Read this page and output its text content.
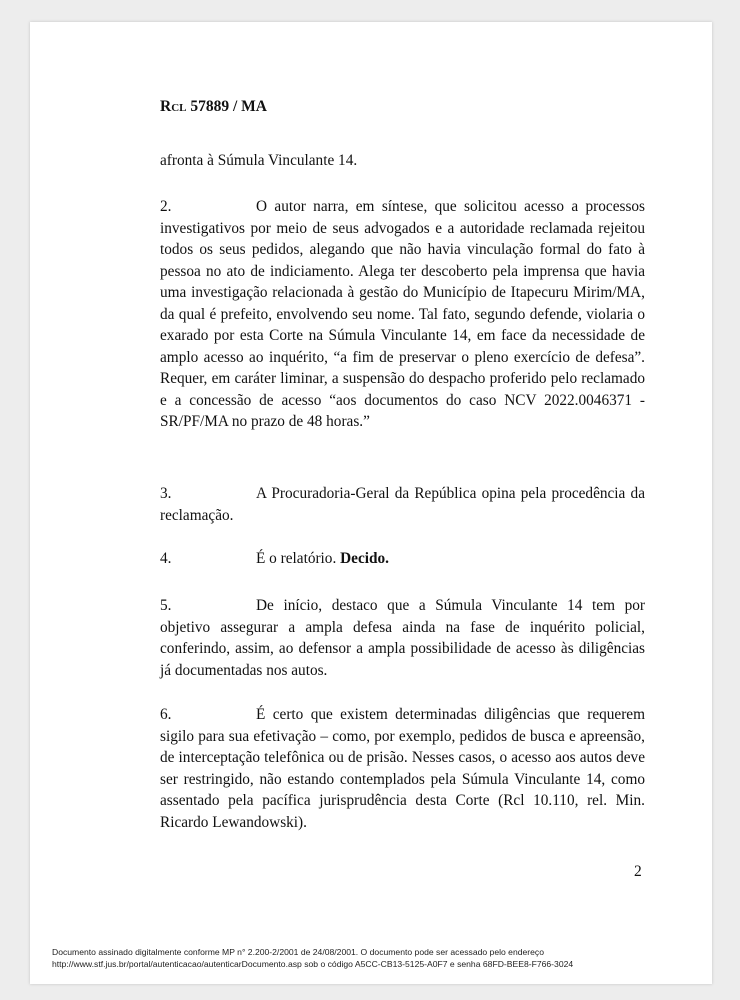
Rcl 57889 / MA

afronta à Súmula Vinculante 14.

2.	O autor narra, em síntese, que solicitou acesso a processos investigativos por meio de seus advogados e a autoridade reclamada rejeitou todos os seus pedidos, alegando que não havia vinculação formal do fato à pessoa no ato de indiciamento. Alega ter descoberto pela imprensa que havia uma investigação relacionada à gestão do Município de Itapecuru Mirim/MA, da qual é prefeito, envolvendo seu nome. Tal fato, segundo defende, violaria o exarado por esta Corte na Súmula Vinculante 14, em face da necessidade de amplo acesso ao inquérito, “a fim de preservar o pleno exercício de defesa”. Requer, em caráter liminar, a suspensão do despacho proferido pelo reclamado e a concessão de acesso “aos documentos do caso NCV 2022.0046371 - SR/PF/MA no prazo de 48 horas.”

3.	A Procuradoria-Geral da República opina pela procedência da reclamação.

4.	É o relatório. Decido.

5.	De início, destaco que a Súmula Vinculante 14 tem por objetivo assegurar a ampla defesa ainda na fase de inquérito policial, conferindo, assim, ao defensor a ampla possibilidade de acesso às diligências já documentadas nos autos.

6.	É certo que existem determinadas diligências que requerem sigilo para sua efetivação – como, por exemplo, pedidos de busca e apreensão, de interceptação telefônica ou de prisão. Nesses casos, o acesso aos autos deve ser restringido, não estando contemplados pela Súmula Vinculante 14, como assentado pela pacífica jurisprudência desta Corte (Rcl 10.110, rel. Min. Ricardo Lewandowski).

2
Documento assinado digitalmente conforme MP n° 2.200-2/2001 de 24/08/2001. O documento pode ser acessado pelo endereço
http://www.stf.jus.br/portal/autenticacao/autenticarDocumento.asp sob o código A5CC-CB13-5125-A0F7 e senha 68FD-BEE8-F766-3024
